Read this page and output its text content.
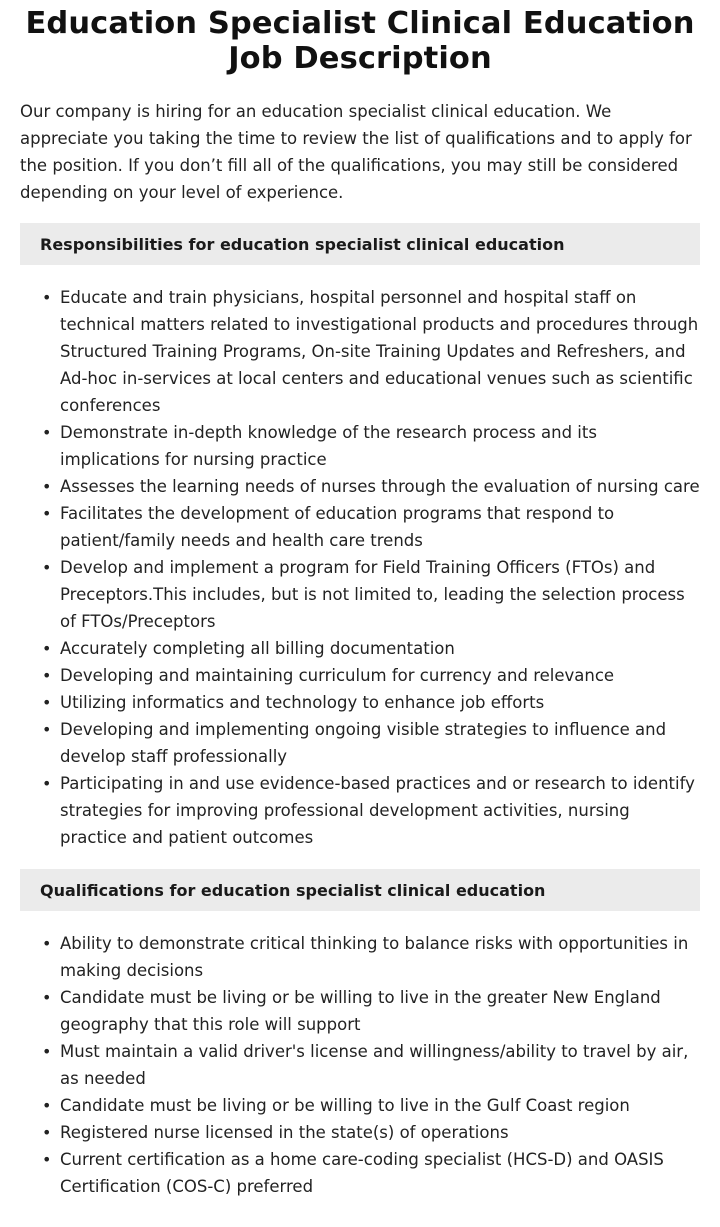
Education Specialist Clinical Education Job Description

Our company is hiring for an education specialist clinical education. We appreciate you taking the time to review the list of qualifications and to apply for the position. If you don’t fill all of the qualifications, you may still be considered depending on your level of experience.

Responsibilities for education specialist clinical education
• Educate and train physicians, hospital personnel and hospital staff on technical matters related to investigational products and procedures through Structured Training Programs, On-site Training Updates and Refreshers, and Ad-hoc in-services at local centers and educational venues such as scientific conferences
• Demonstrate in-depth knowledge of the research process and its implications for nursing practice
• Assesses the learning needs of nurses through the evaluation of nursing care
• Facilitates the development of education programs that respond to patient/family needs and health care trends
• Develop and implement a program for Field Training Officers (FTOs) and Preceptors.This includes, but is not limited to, leading the selection process of FTOs/Preceptors
• Accurately completing all billing documentation
• Developing and maintaining curriculum for currency and relevance
• Utilizing informatics and technology to enhance job efforts
• Developing and implementing ongoing visible strategies to influence and develop staff professionally
• Participating in and use evidence-based practices and or research to identify strategies for improving professional development activities, nursing practice and patient outcomes
Qualifications for education specialist clinical education
• Ability to demonstrate critical thinking to balance risks with opportunities in making decisions
• Candidate must be living or be willing to live in the greater New England geography that this role will support
• Must maintain a valid driver's license and willingness/ability to travel by air, as needed
• Candidate must be living or be willing to live in the Gulf Coast region
• Registered nurse licensed in the state(s) of operations
• Current certification as a home care-coding specialist (HCS-D) and OASIS Certification (COS-C) preferred
